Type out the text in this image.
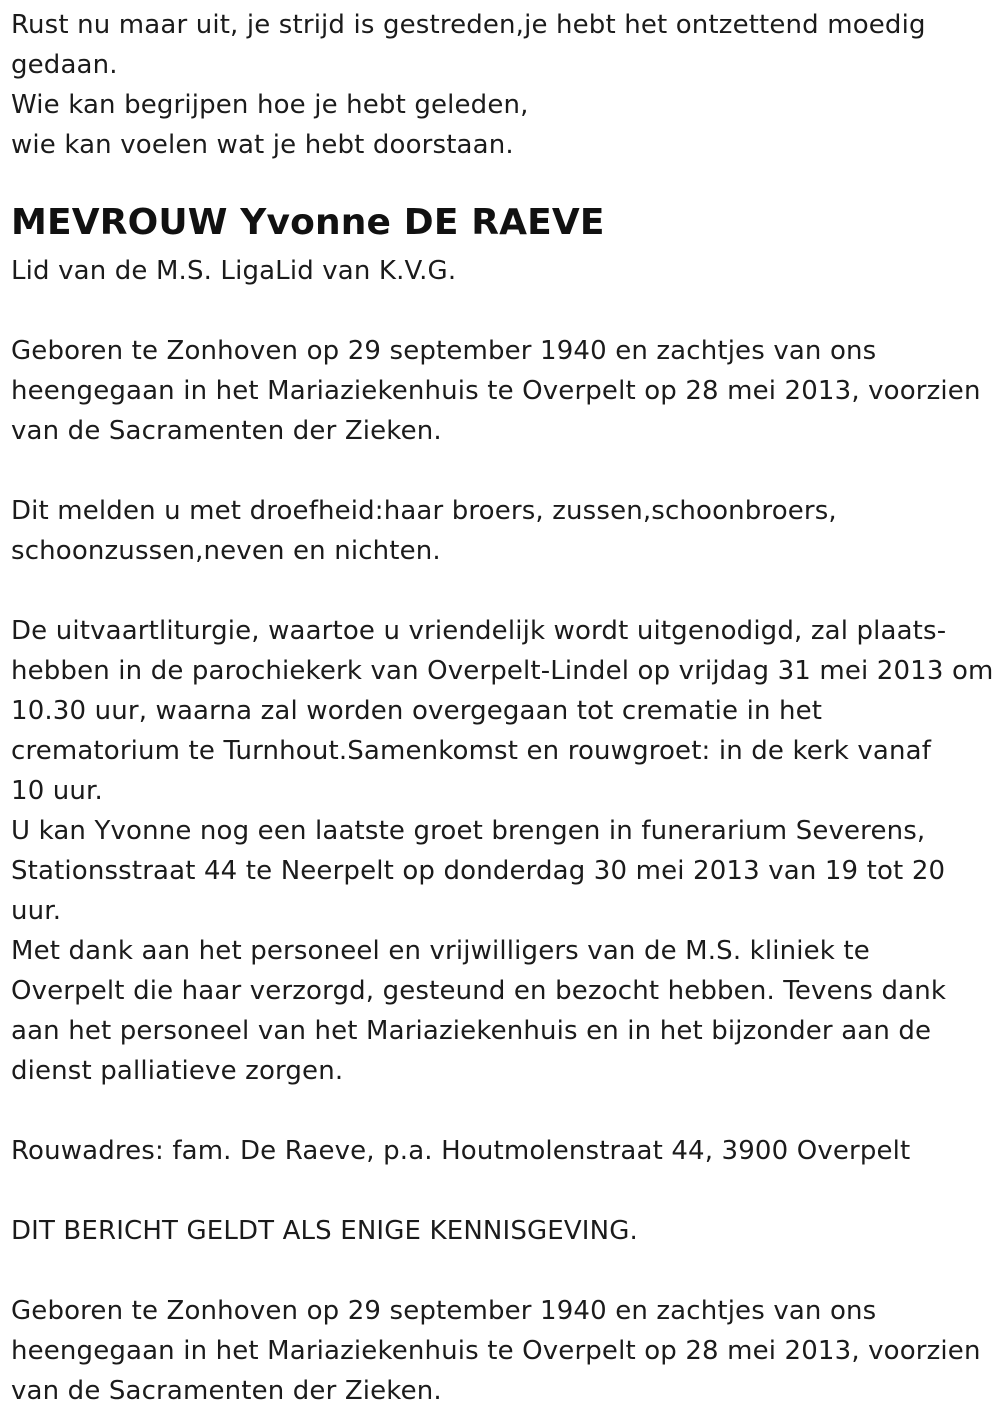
Rust nu maar uit, je strijd is gestreden,je hebt het ontzettend moedig
gedaan.
Wie kan begrijpen hoe je hebt geleden,
wie kan voelen wat je hebt doorstaan.
MEVROUW Yvonne DE RAEVE
Lid van de M.S. LigaLid van K.V.G.
Geboren te Zonhoven op 29 september 1940 en zachtjes van ons
heengegaan in het Mariaziekenhuis te Overpelt op 28 mei 2013, voorzien
van de Sacramenten der Zieken.
Dit melden u met droefheid:haar broers, zussen,schoonbroers,
schoonzussen,neven en nichten.
De uitvaartliturgie, waartoe u vriendelijk wordt uitgenodigd, zal plaats-
hebben in de parochiekerk van Overpelt-Lindel op vrijdag 31 mei 2013 om
10.30 uur, waarna zal worden overgegaan tot crematie in het
crematorium te Turnhout.Samenkomst en rouwgroet: in de kerk vanaf
10 uur.
U kan Yvonne nog een laatste groet brengen in funerarium Severens,
Stationsstraat 44 te Neerpelt op donderdag 30 mei 2013 van 19 tot 20
uur.
Met dank aan het personeel en vrijwilligers van de M.S. kliniek te
Overpelt die haar verzorgd, gesteund en bezocht hebben. Tevens dank
aan het personeel van het Mariaziekenhuis en in het bijzonder aan de
dienst palliatieve zorgen.
Rouwadres: fam. De Raeve, p.a. Houtmolenstraat 44, 3900 Overpelt
DIT BERICHT GELDT ALS ENIGE KENNISGEVING.
Geboren te Zonhoven op 29 september 1940 en zachtjes van ons
heengegaan in het Mariaziekenhuis te Overpelt op 28 mei 2013, voorzien
van de Sacramenten der Zieken.
